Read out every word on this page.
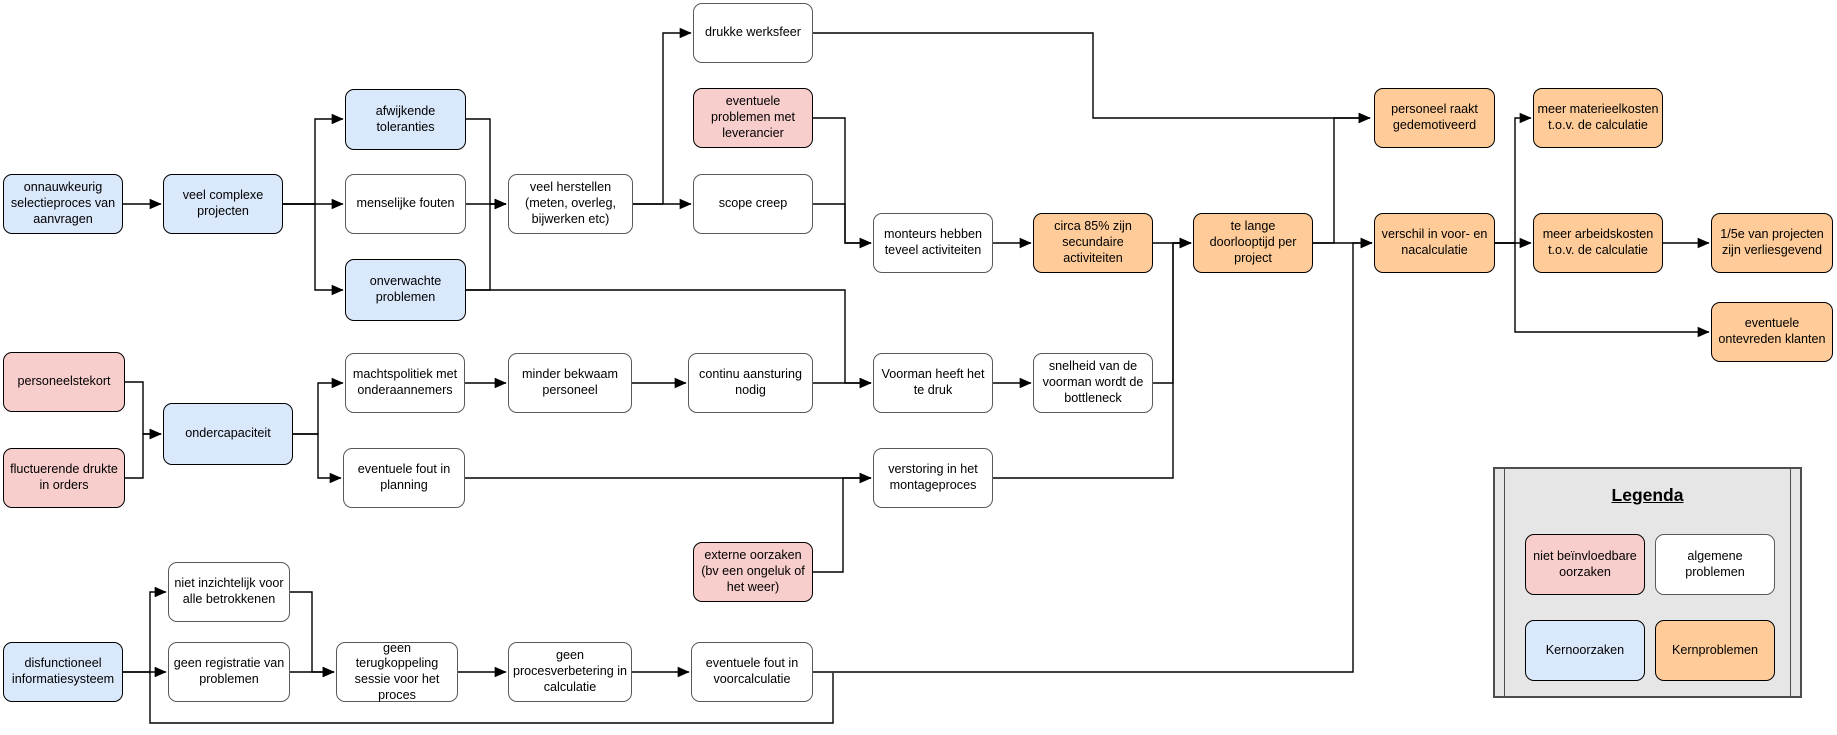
Legenda
niet beïnvloedbare oorzaken
algemene problemen
Kernoorzaken	Kernproblemen
onnauwkeurig selectieproces van aanvragen
veel complexe projecten
afwijkende toleranties
menselijke fouten
onverwachte problemen
veel herstellen (meten, overleg, bijwerken etc)
drukke werksfeer
eventuele problemen met leverancier
scope creep
monteurs hebben teveel activiteiten
circa 85% zijn secundaire activiteiten
te lange doorlooptijd per project
personeel raakt gedemotiveerd
meer materieelkosten t.o.v. de calculatie
verschil in voor- en nacalculatie
meer arbeidskosten t.o.v. de calculatie
1/5e van projecten zijn verliesgevend
eventuele ontevreden klanten
personeelstekort
fluctuerende drukte in orders
ondercapaciteit
machtspolitiek met onderaannemers
minder bekwaam personeel
continu aansturing nodig
Voorman heeft het te druk
snelheid van de voorman wordt de bottleneck
eventuele fout in planning
verstoring in het montageproces
externe oorzaken (bv een ongeluk of het weer)
niet inzichtelijk voor alle betrokkenen
geen registratie van problemen
geen terugkoppeling sessie voor het proces
geen procesverbetering in calculatie
eventuele fout in voorcalculatie
disfunctioneel informatiesysteem
